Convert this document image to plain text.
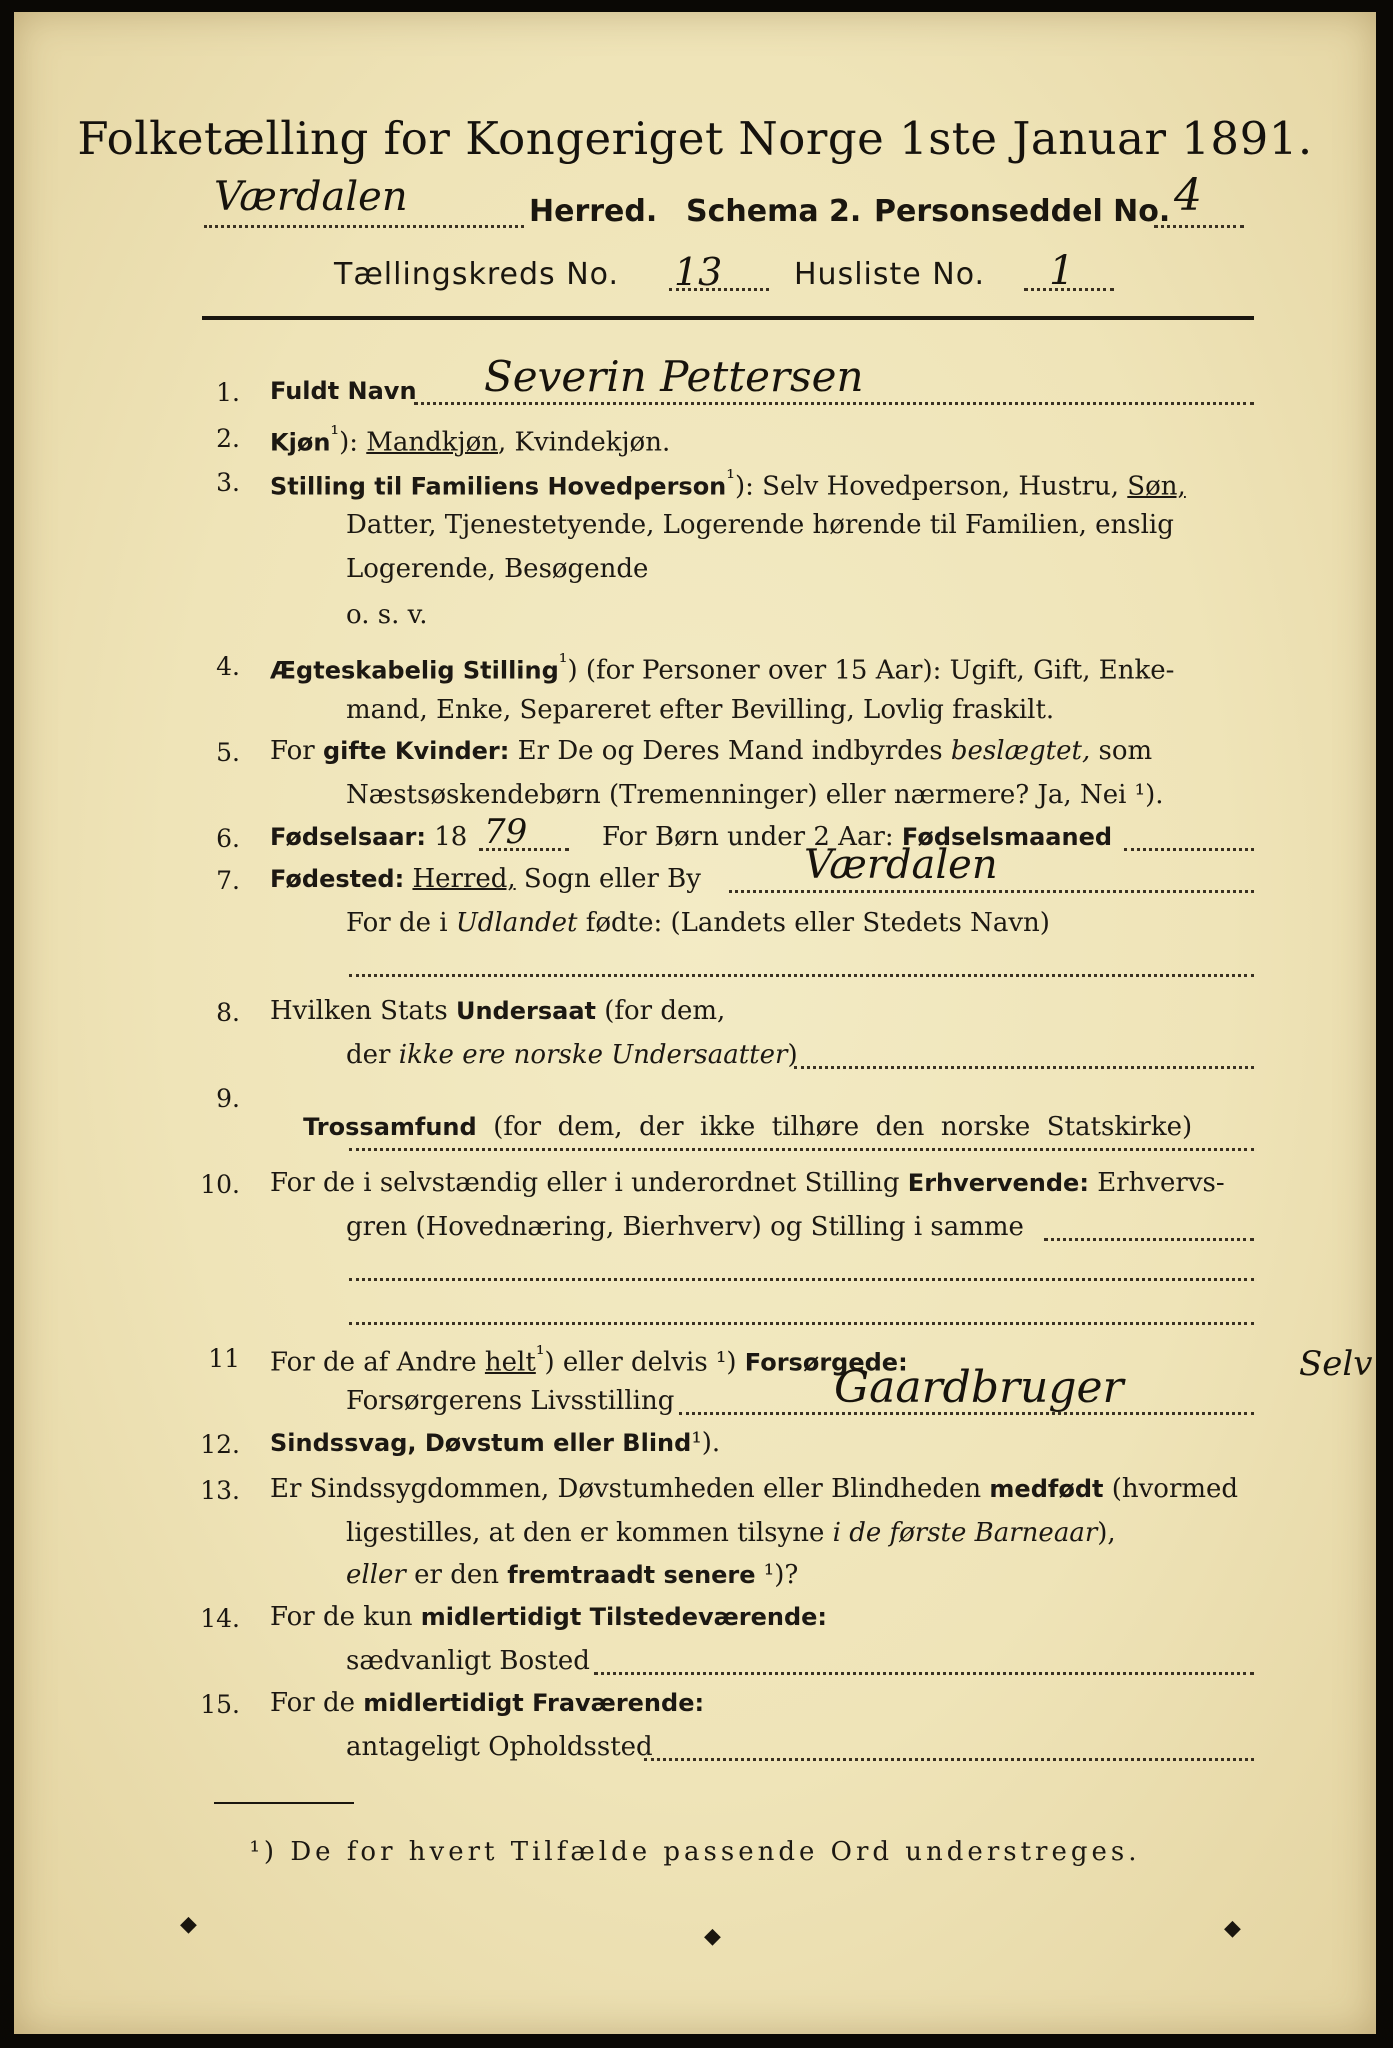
Folketælling for Kongeriget Norge 1ste Januar 1891.
Værdalen	Herred. Schema 2. Personseddel No. 4
Tællingskreds No. 13 Husliste No. 1
1. Fuldt Navn Severin Pettersen
2. Kjøn$^{^1}$): Mandkjøn, Kvindekjøn.
3. Stilling til Familiens Hovedperson$^{^1}$): Selv Hovedperson, Hustru, Søn,
Datter, Tjenestetyende, Logerende hørende til Familien, enslig
Logerende, Besøgende
o. s. v.
4. Ægteskabelig Stilling$^{^1}$) (for Personer over 15 Aar): Ugift, Gift, Enke-
mand, Enke, Separeret efter Bevilling, Lovlig fraskilt.
5. For gifte Kvinder: Er De og Deres Mand indbyrdes beslægtet, som
Næstsøskendebørn (Tremenninger) eller nærmere? Ja, Nei ¹).
6. Fødselsaar: 18 79	For Børn under 2 Aar: Fødselsmaaned
7. Fødested: Herred, Sogn eller By	Værdalen
For de i Udlandet fødte: (Landets eller Stedets Navn)
8. Hvilken Stats Undersaat (for dem,
der ikke ere norske Undersaatter)
9.

Trossamfund  (for  dem,  der  ikke  tilhøre  den  norske  Statskirke)

10. For de i selvstændig eller i underordnet Stilling Erhvervende: Erhvervs-
gren (Hovednæring, Bierhverv) og Stilling i samme
11 For de af Andre helt$^{^1}$) eller delvis ¹) Forsørgede:
Forsørgerens Livsstilling	Gaardbruger	Selv
12. Sindssvag, Døvstum eller Blind¹).
13. Er Sindssygdommen, Døvstumheden eller Blindheden medfødt (hvormed
ligestilles, at den er kommen tilsyne i de første Barneaar),
eller er den fremtraadt senere ¹)?
14. For de kun midlertidigt Tilstedeværende:
sædvanligt Bosted
15. For de midlertidigt Fraværende:
antageligt Opholdssted
¹) De for hvert Tilfælde passende Ord understreges.
◆	◆	◆
